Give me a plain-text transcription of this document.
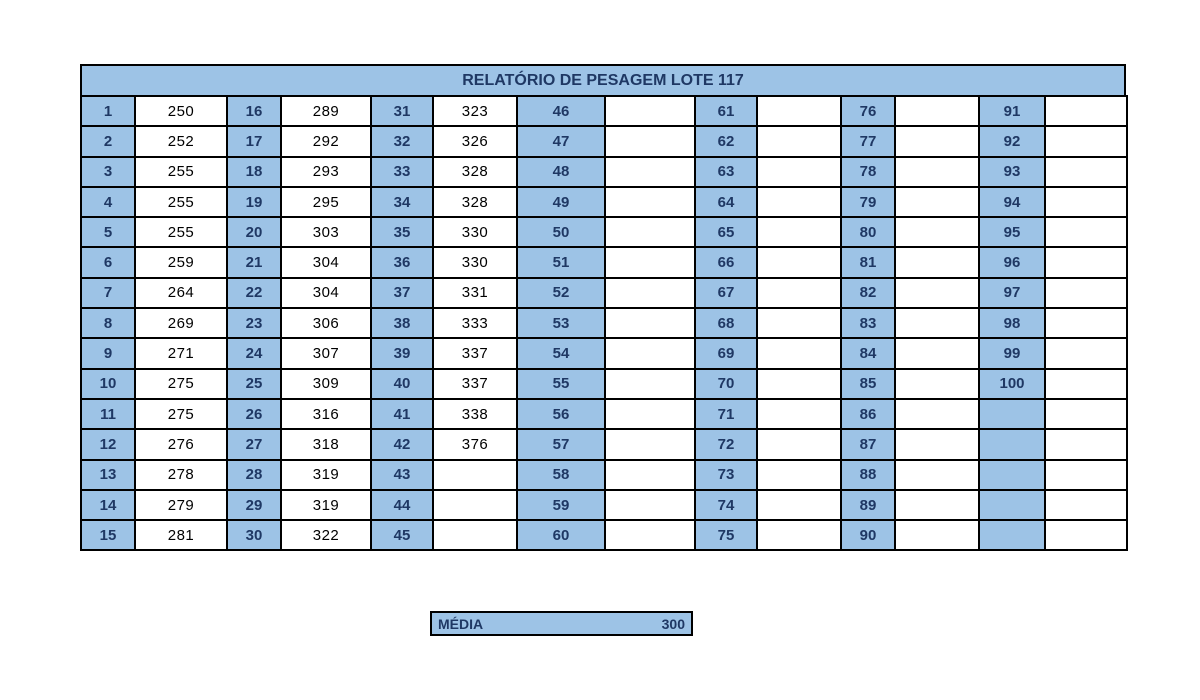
RELATÓRIO DE PESAGEM LOTE 117
1	250	16	289	31	323	46		61		76		91	
2	252	17	292	32	326	47		62		77		92	
3	255	18	293	33	328	48		63		78		93	
4	255	19	295	34	328	49		64		79		94	
5	255	20	303	35	330	50		65		80		95	
6	259	21	304	36	330	51		66		81		96	
7	264	22	304	37	331	52		67		82		97	
8	269	23	306	38	333	53		68		83		98	
9	271	24	307	39	337	54		69		84		99	
10	275	25	309	40	337	55		70		85		100	
11	275	26	316	41	338	56		71		86			
12	276	27	318	42	376	57		72		87			
13	278	28	319	43		58		73		88			
14	279	29	319	44		59		74		89			
15	281	30	322	45		60		75		90			
MÉDIA	300
